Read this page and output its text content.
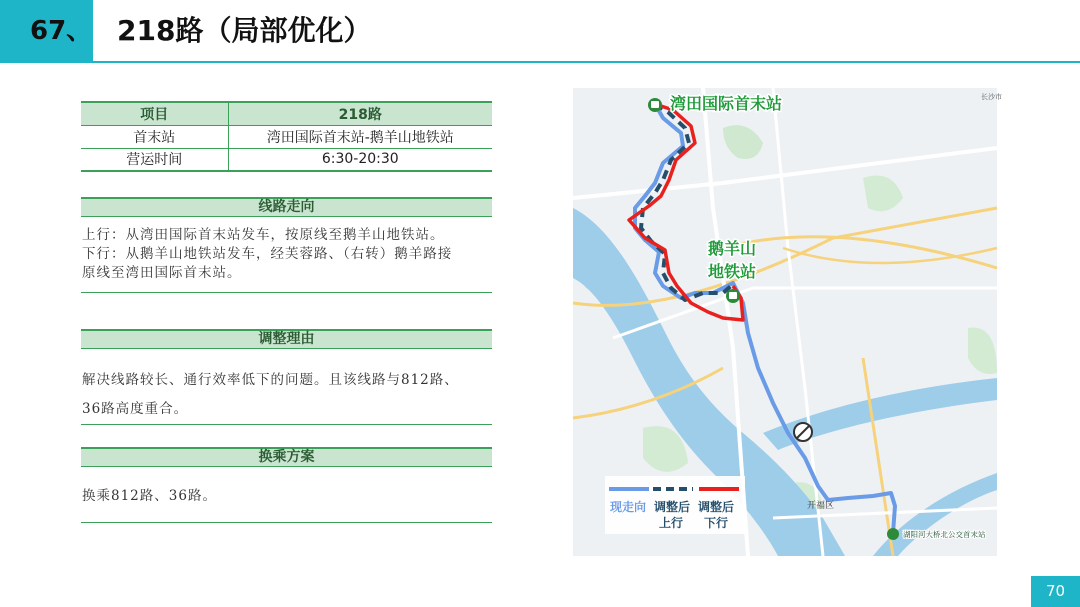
67、 218路（局部优化）
项目	218路
首末站	湾田国际首末站-鹅羊山地铁站
营运时间	6:30-20:30
线路走向
上行：从湾田国际首末站发车，按原线至鹅羊山地铁站。
下行：从鹅羊山地铁站发车，经芙蓉路、（右转）鹅羊路接
原线至湾田国际首末站。
调整理由
解决线路较长、通行效率低下的问题。且该线路与812路、
36路高度重合。
换乘方案
换乘812路、36路。
湾田国际首末站
鹅羊山
地铁站
长沙市
开福区
湖阳河大桥北公交首末站
现走向 调整后
上行
调整后
下行
70
